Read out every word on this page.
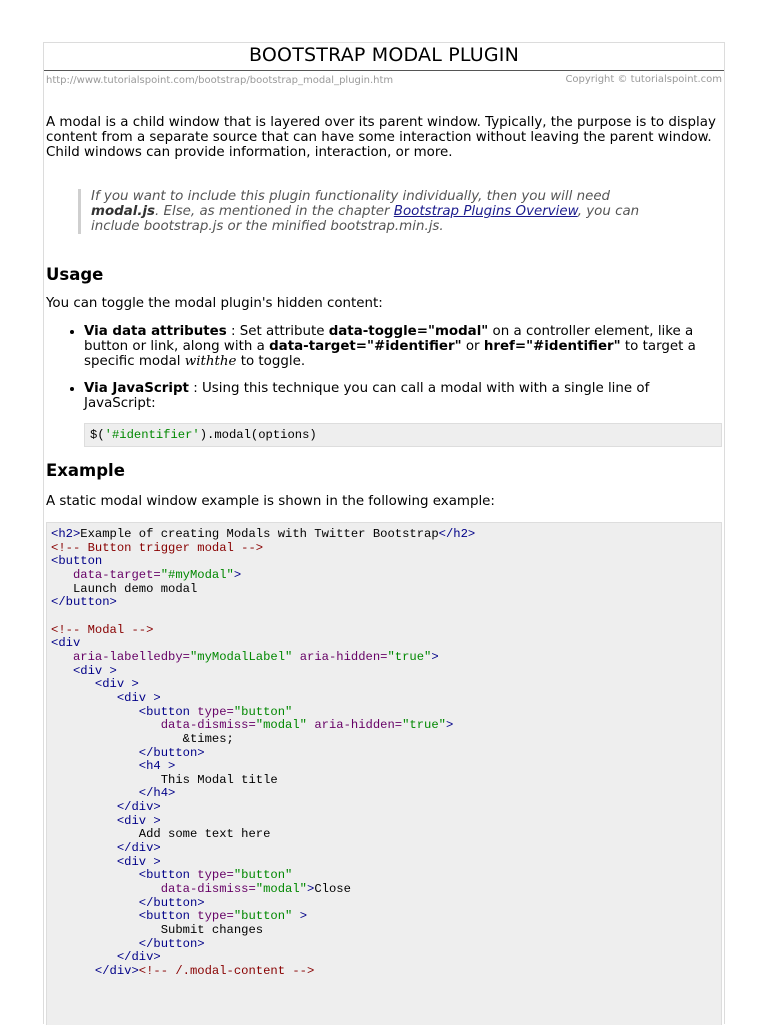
BOOTSTRAP MODAL PLUGIN
http://www.tutorialspoint.com/bootstrap/bootstrap_modal_plugin.htm	Copyright © tutorialspoint.com
A modal is a child window that is layered over its parent window. Typically, the purpose is to display content from a separate source that can have some interaction without leaving the parent window. Child windows can provide information, interaction, or more.
If you want to include this plugin functionality individually, then you will need
modal.js. Else, as mentioned in the chapter Bootstrap Plugins Overview, you can include bootstrap.js or the minified bootstrap.min.js.
Usage
You can toggle the modal plugin's hidden content:
• Via data attributes : Set attribute data-toggle="modal" on a controller element, like a button or link, along with a data-target="#identifier" or href="#identifier" to target a specific modal withthe to toggle.
• Via JavaScript : Using this technique you can call a modal with with a single line of JavaScript:
$('#identifier').modal(options)
Example
A static modal window example is shown in the following example:
<h2>Example of creating Modals with Twitter Bootstrap</h2>
<!-- Button trigger modal -->
<button
data-target="#myModal">
Launch demo modal
</button>

<!-- Modal -->
<div
aria-labelledby="myModalLabel" aria-hidden="true">
<div >
<div >
<div >
<button type="button"
data-dismiss="modal" aria-hidden="true">
&times;
</button>
<h4 >
This Modal title
</h4>
</div>
<div >
Add some text here
</div>
<div >
<button type="button"
data-dismiss="modal">Close
</button>
<button type="button" >
Submit changes
</button>
</div>
</div><!-- /.modal-content -->
